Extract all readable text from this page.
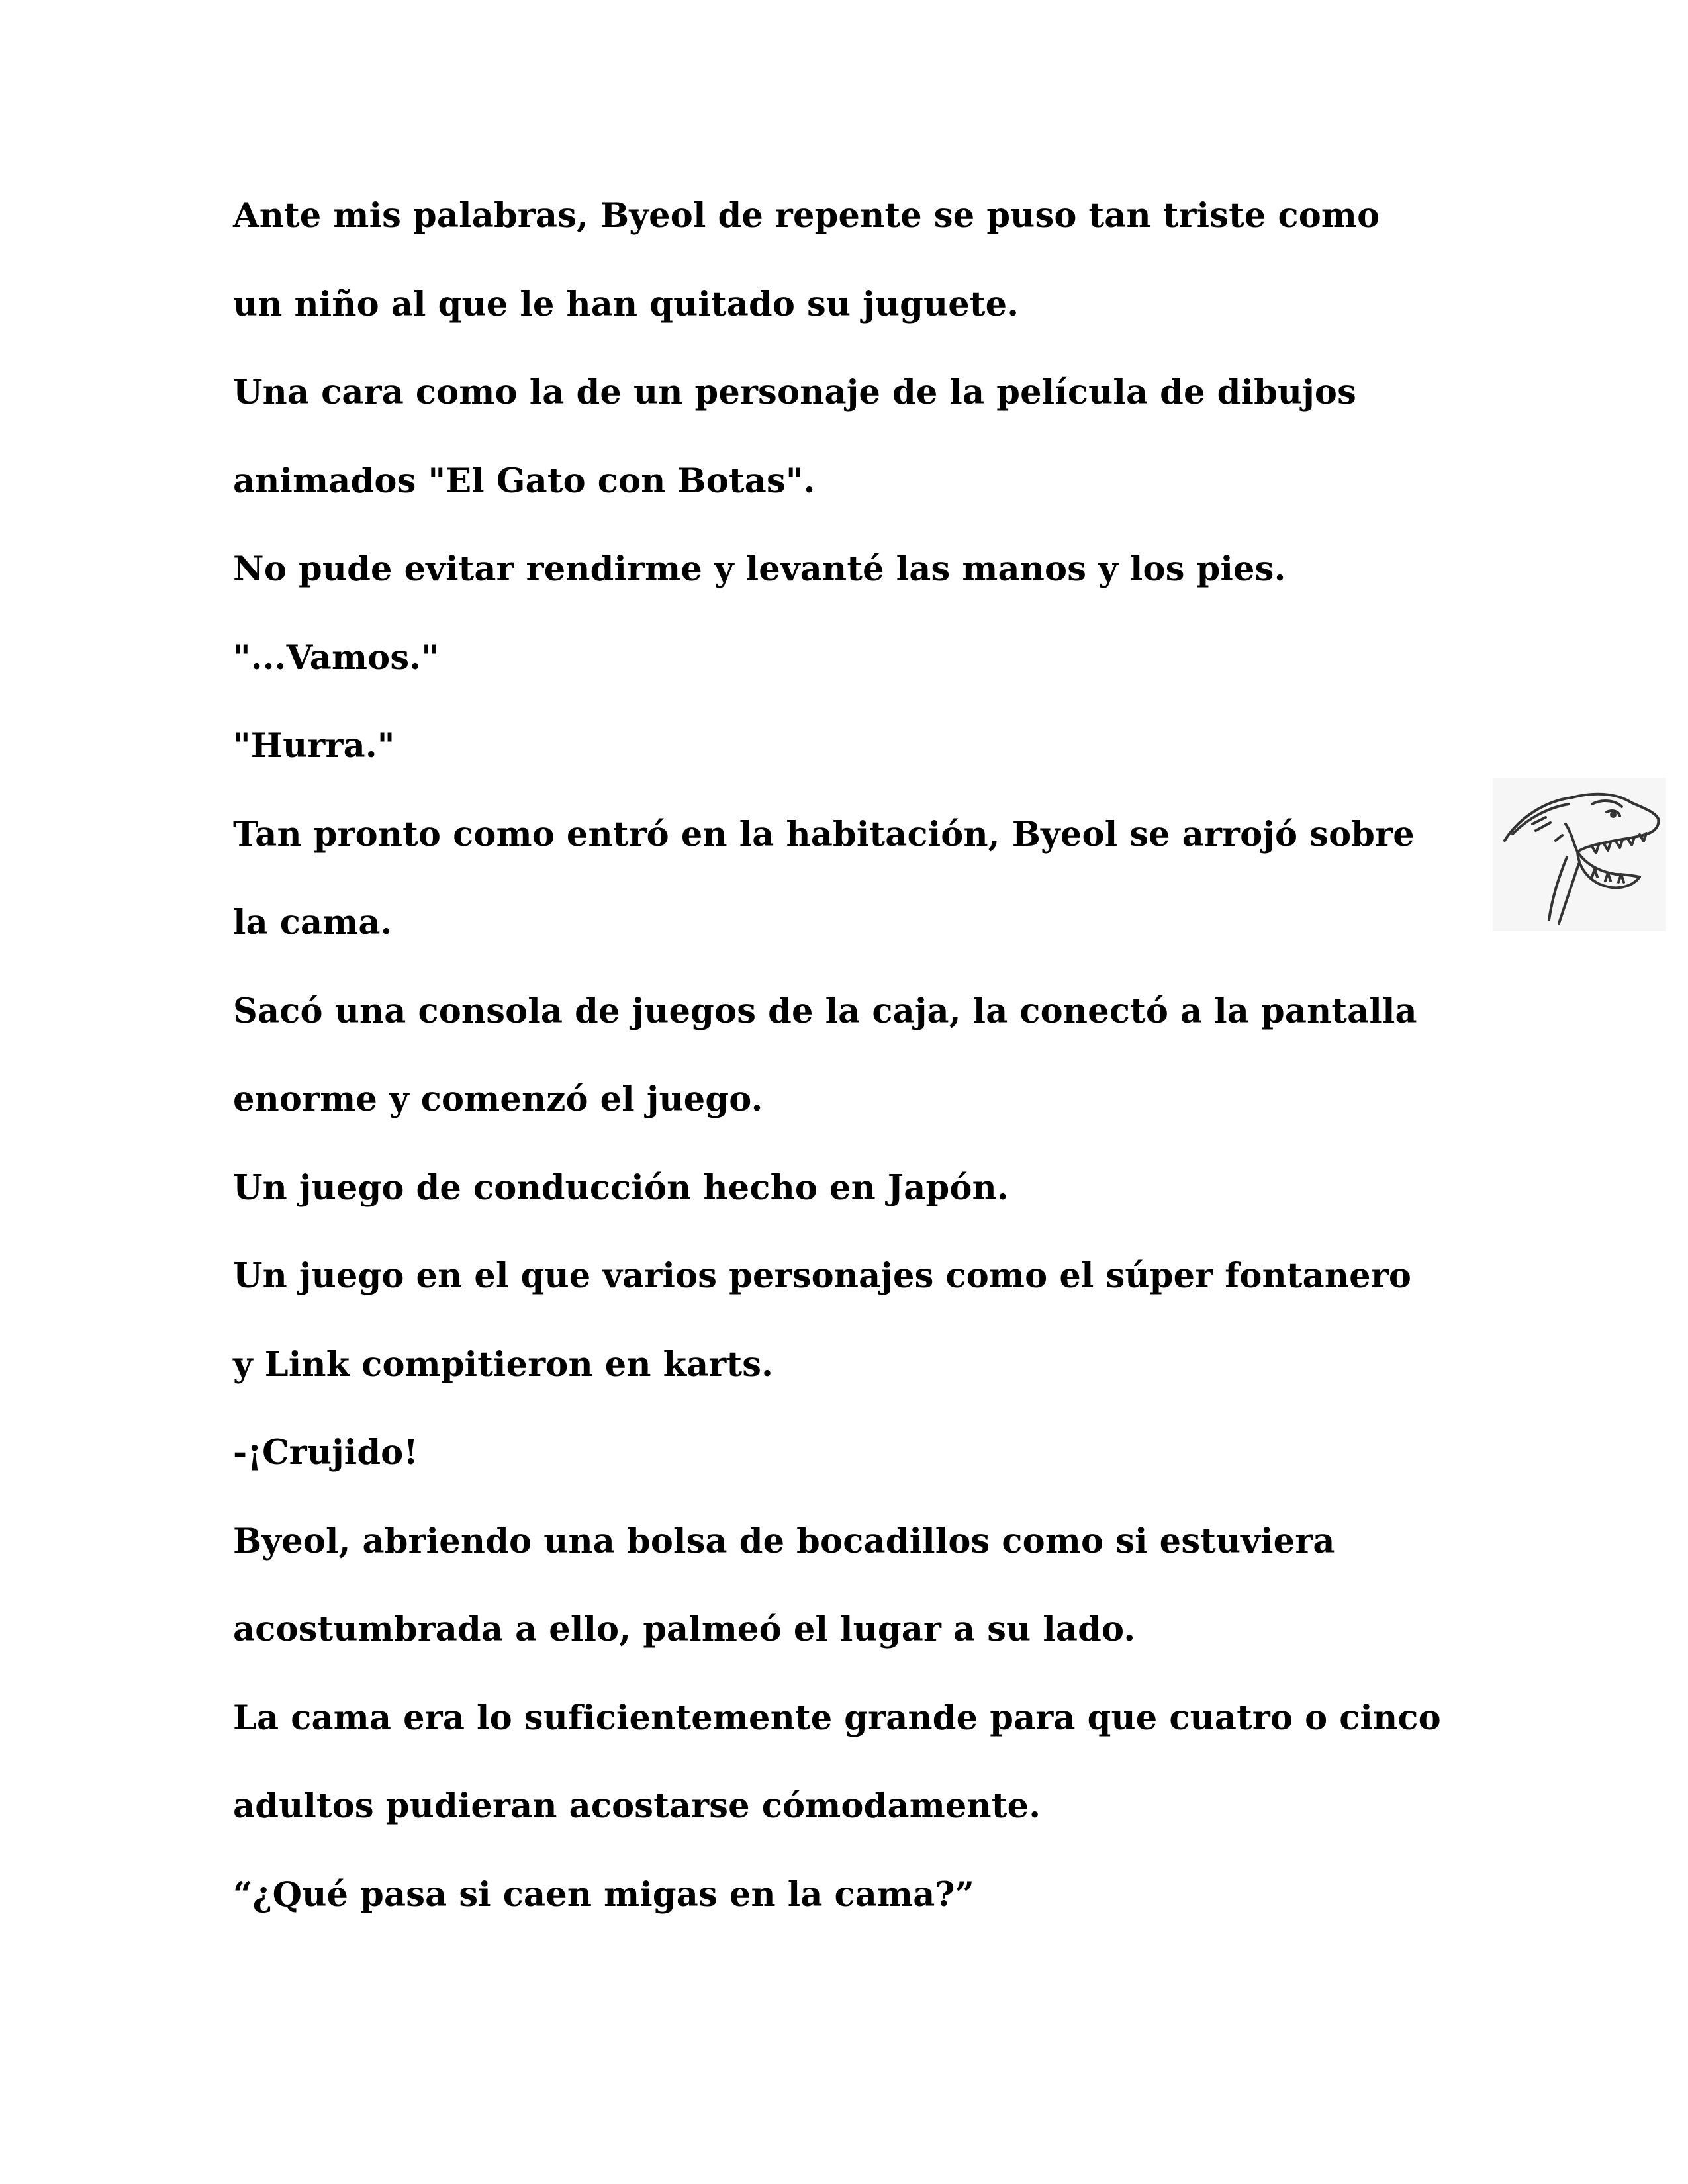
Ante mis palabras, Byeol de repente se puso tan triste como
un niño al que le han quitado su juguete.
Una cara como la de un personaje de la película de dibujos
animados "El Gato con Botas".
No pude evitar rendirme y levanté las manos y los pies.
"...Vamos."
"Hurra."
Tan pronto como entró en la habitación, Byeol se arrojó sobre
la cama.
Sacó una consola de juegos de la caja, la conectó a la pantalla
enorme y comenzó el juego.
Un juego de conducción hecho en Japón.
Un juego en el que varios personajes como el súper fontanero
y Link compitieron en karts.
-¡Crujido!
Byeol, abriendo una bolsa de bocadillos como si estuviera
acostumbrada a ello, palmeó el lugar a su lado.
La cama era lo suficientemente grande para que cuatro o cinco
adultos pudieran acostarse cómodamente.
“¿Qué pasa si caen migas en la cama?”
